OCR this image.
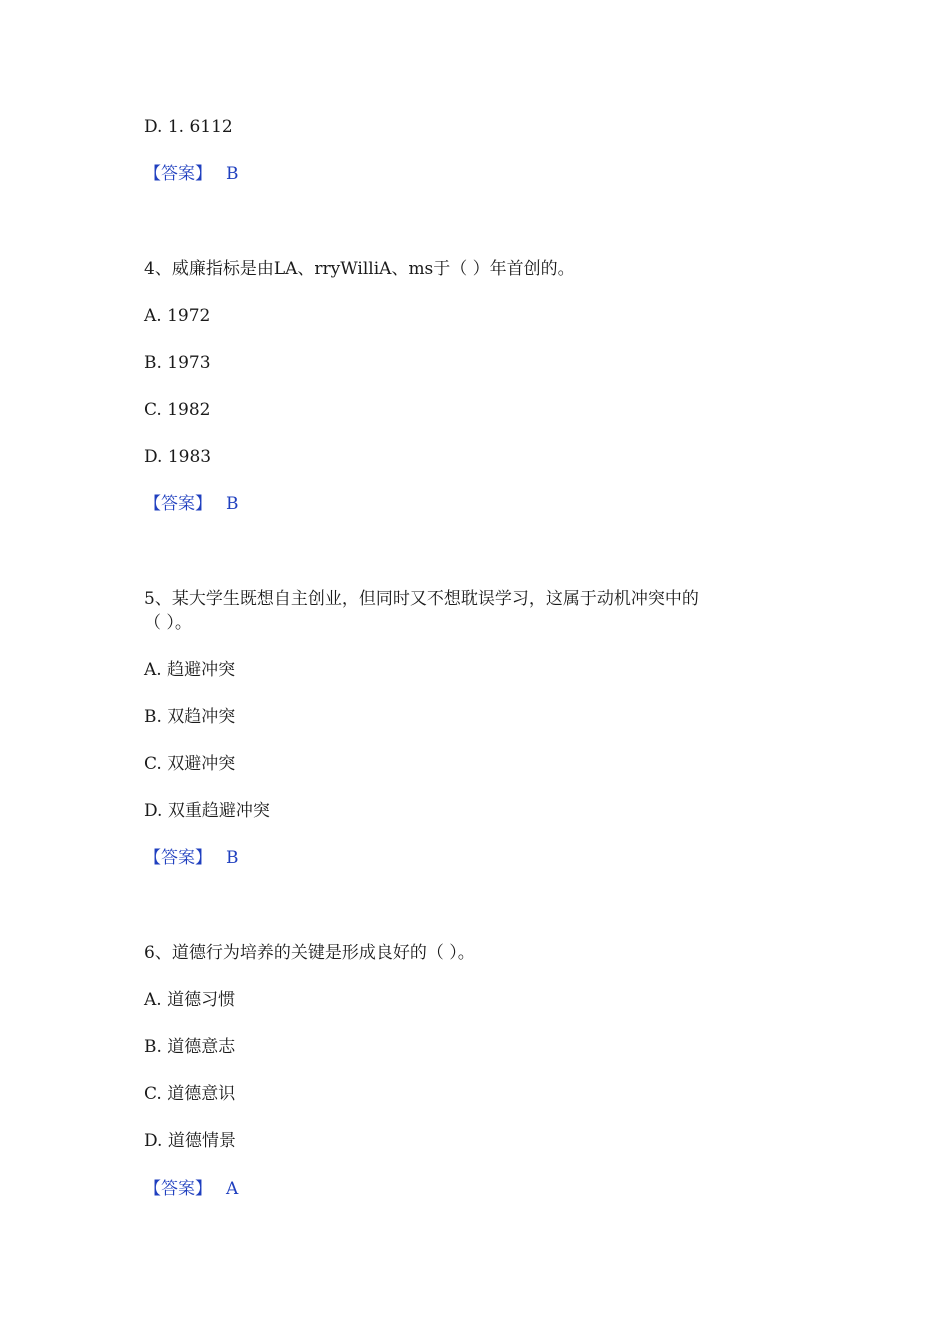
D. 1. 6112
【答案】 B
4、威廉指标是由LA、rryWilliA、ms于（ ）年首创的。
A. 1972
B. 1973
C. 1982
D. 1983
【答案】 B
5、某大学生既想自主创业，但同时又不想耽误学习，这属于动机冲突中的
（ ）。
A. 趋避冲突
B. 双趋冲突
C. 双避冲突
D. 双重趋避冲突
【答案】 B
6、道德行为培养的关键是形成良好的（ ）。
A. 道德习惯
B. 道德意志
C. 道德意识
D. 道德情景
【答案】 A
